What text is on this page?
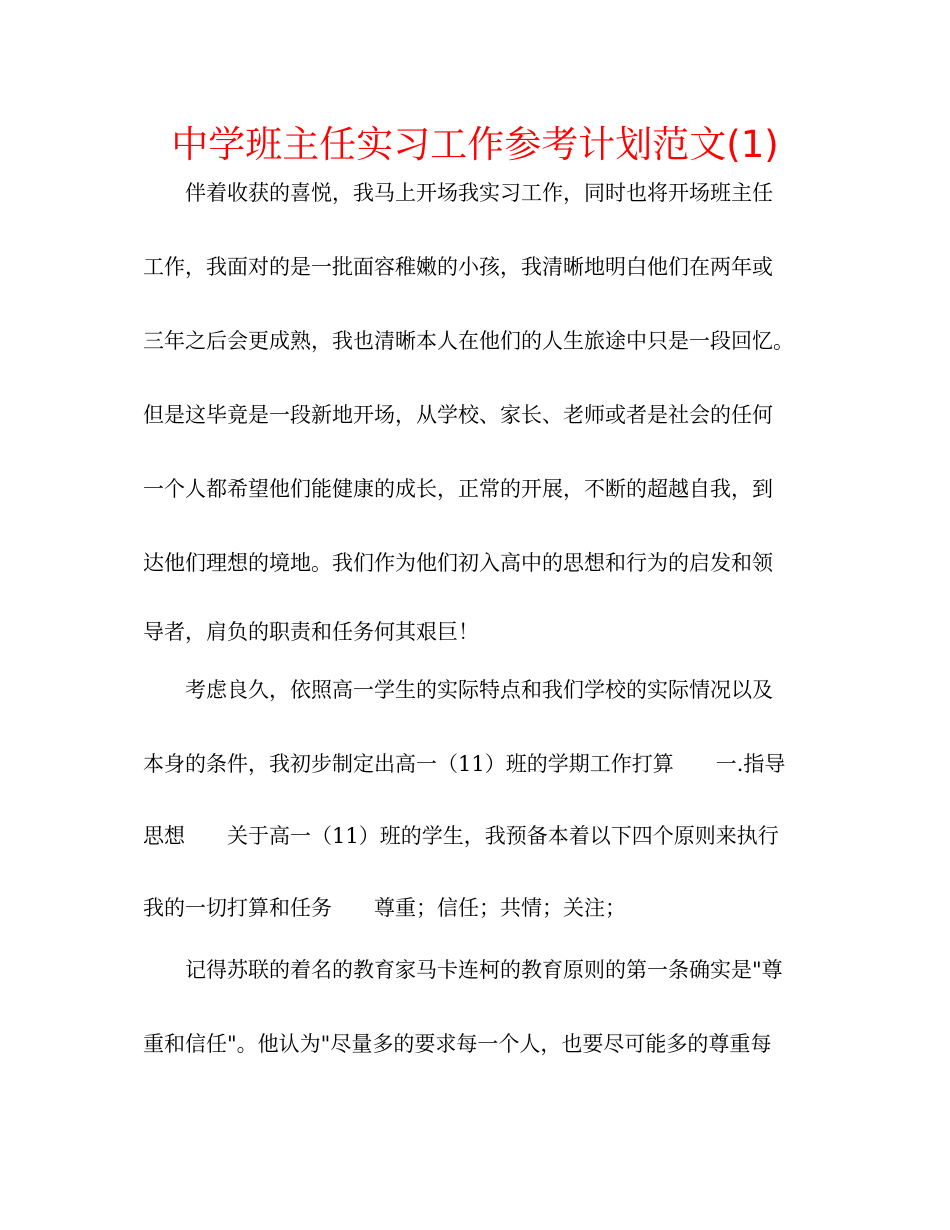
中学班主任实习工作参考计划范文(1)

伴着收获的喜悦，我马上开场我实习工作，同时也将开场班主任

工作，我面对的是一批面容稚嫩的小孩，我清晰地明白他们在两年或

三年之后会更成熟，我也清晰本人在他们的人生旅途中只是一段回忆。

但是这毕竟是一段新地开场，从学校、家长、老师或者是社会的任何

一个人都希望他们能健康的成长，正常的开展，不断的超越自我，到

达他们理想的境地。我们作为他们初入高中的思想和行为的启发和领

导者，肩负的职责和任务何其艰巨！

考虑良久，依照高一学生的实际特点和我们学校的实际情况以及

本身的条件，我初步制定出高一（11）班的学期工作打算　　一.指导

思想　　关于高一（11）班的学生，我预备本着以下四个原则来执行

我的一切打算和任务　　尊重；信任；共情；关注；

记得苏联的着名的教育家马卡连柯的教育原则的第一条确实是"尊

重和信任"。他认为"尽量多的要求每一个人，也要尽可能多的尊重每
